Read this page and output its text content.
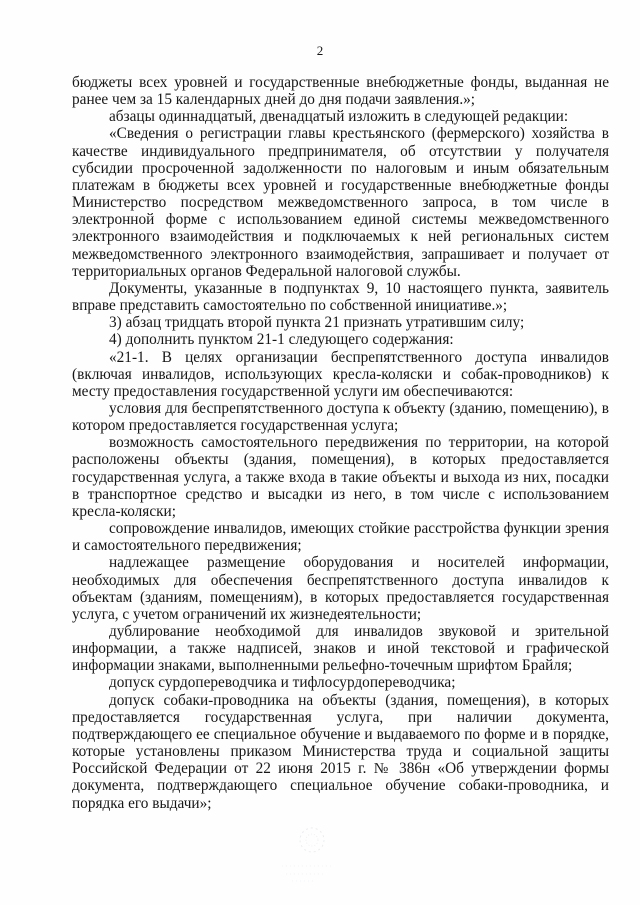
2

бюджеты всех уровней и государственные внебюджетные фонды, выданная не ранее чем за 15 календарных дней до дня подачи заявления.»;

абзацы одиннадцатый, двенадцатый изложить в следующей редакции:

«Сведения о регистрации главы крестьянского (фермерского) хозяйства в качестве индивидуального предпринимателя, об отсутствии у получателя субсидии просроченной задолженности по налоговым и иным обязательным платежам в бюджеты всех уровней и государственные внебюджетные фонды Министерство посредством межведомственного запроса, в том числе в электронной форме с использованием единой системы межведомственного электронного взаимодействия и подключаемых к ней региональных систем межведомственного электронного взаимодействия, запрашивает и получает от территориальных органов Федеральной налоговой службы.

Документы, указанные в подпунктах 9, 10 настоящего пункта, заявитель вправе представить самостоятельно по собственной инициативе.»;

3) абзац тридцать второй пункта 21 признать утратившим силу;

4) дополнить пунктом 21-1 следующего содержания:

«21-1. В целях организации беспрепятственного доступа инвалидов (включая инвалидов, использующих кресла-коляски и собак-проводников) к месту предоставления государственной услуги им обеспечиваются:

условия для беспрепятственного доступа к объекту (зданию, помещению), в котором предоставляется государственная услуга;

возможность самостоятельного передвижения по территории, на которой расположены объекты (здания, помещения), в которых предоставляется государственная услуга, а также входа в такие объекты и выхода из них, посадки в транспортное средство и высадки из него, в том числе с использованием кресла-коляски;

сопровождение инвалидов, имеющих стойкие расстройства функции зрения и самостоятельного передвижения;

надлежащее размещение оборудования и носителей информации, необходимых для обеспечения беспрепятственного доступа инвалидов к объектам (зданиям, помещениям), в которых предоставляется государственная услуга, с учетом ограничений их жизнедеятельности;

дублирование необходимой для инвалидов звуковой и зрительной информации, а также надписей, знаков и иной текстовой и графической информации знаками, выполненными рельефно-точечным шрифтом Брайля;

допуск сурдопереводчика и тифлосурдопереводчика;

допуск собаки-проводника на объекты (здания, помещения), в которых предоставляется государственная услуга, при наличии документа, подтверждающего ее специальное обучение и выдаваемого по форме и в порядке, которые установлены приказом Министерства труда и социальной защиты Российской Федерации от 22 июня 2015 г. № 386н «Об утверждении формы документа, подтверждающего специальное обучение собаки-проводника, и порядка его выдачи»;
